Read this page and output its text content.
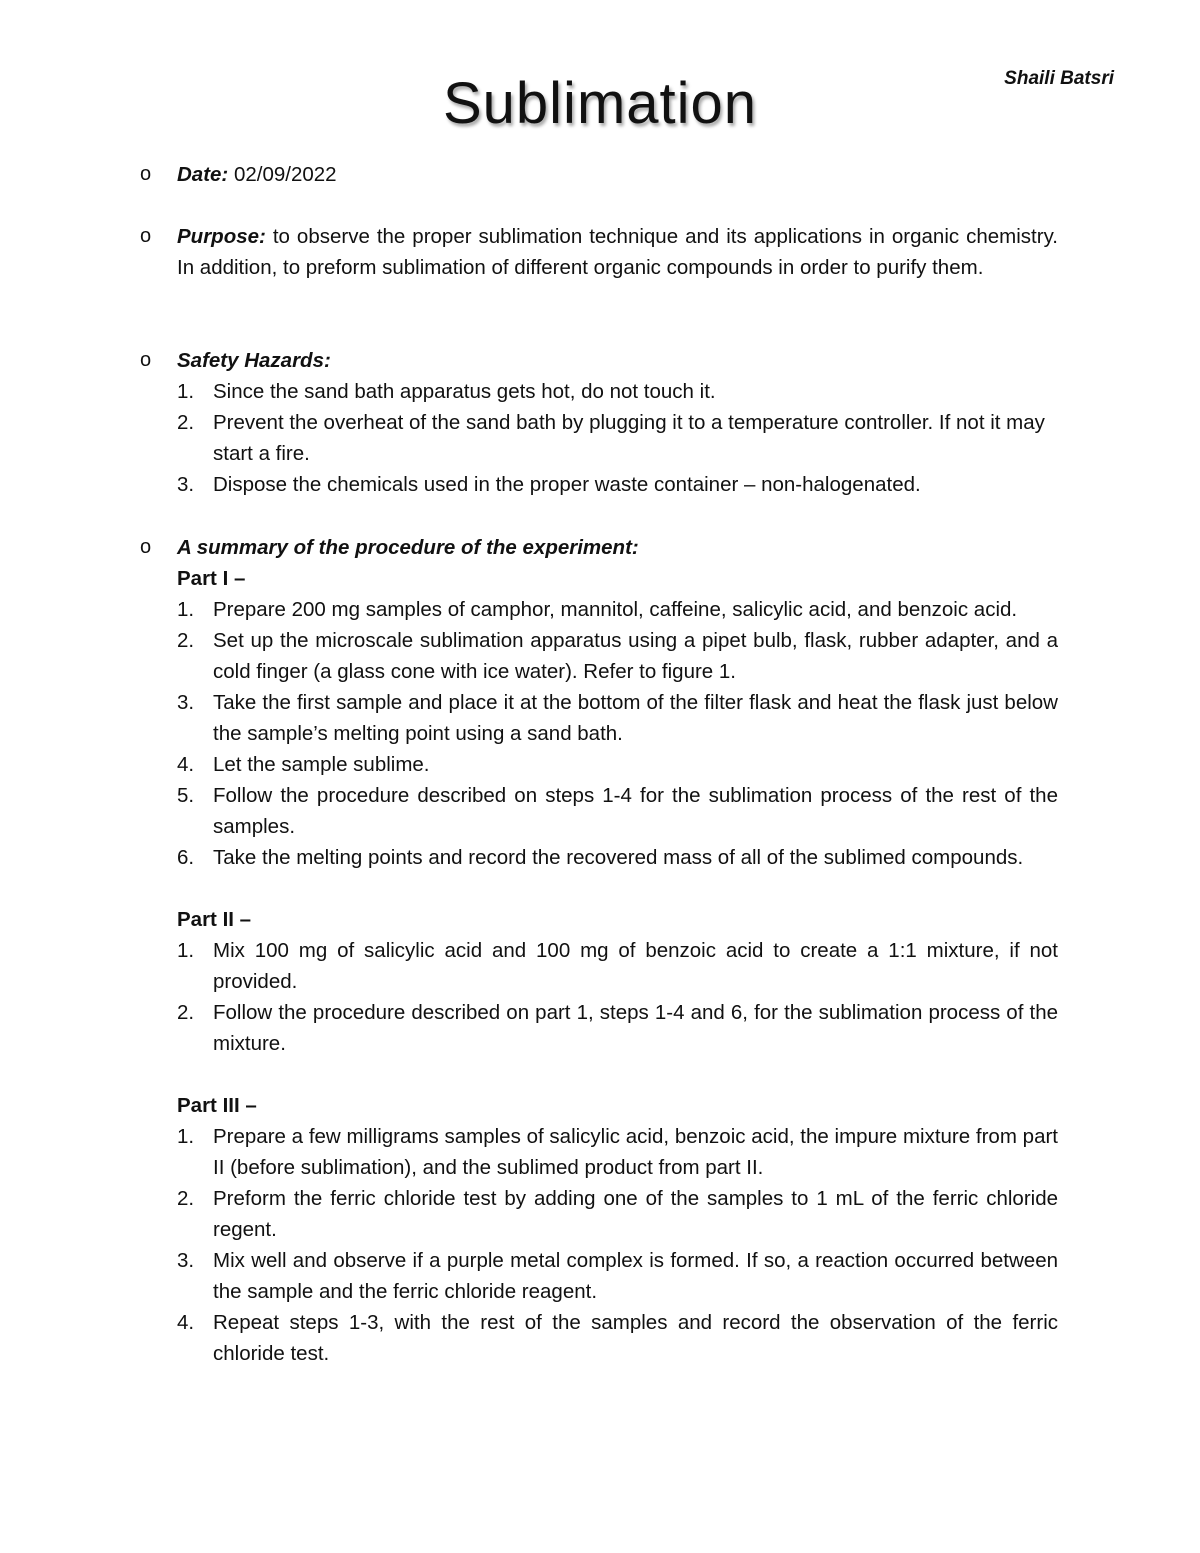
Sublimation	Shaili Batsri
o	Date: 02/09/2022
o	Purpose: to observe the proper sublimation technique and its applications in organic chemistry. In addition, to preform sublimation of different organic compounds in order to purify them.
o	Safety Hazards:
1. Since the sand bath apparatus gets hot, do not touch it.
2. Prevent the overheat of the sand bath by plugging it to a temperature controller. If not it may start a fire.
3. Dispose the chemicals used in the proper waste container – non-halogenated.
o	A summary of the procedure of the experiment:
Part I –
1. Prepare 200 mg samples of camphor, mannitol, caffeine, salicylic acid, and benzoic acid.
2. Set up the microscale sublimation apparatus using a pipet bulb, flask, rubber adapter, and a cold finger (a glass cone with ice water). Refer to figure 1.
3. Take the first sample and place it at the bottom of the filter flask and heat the flask just below the sample’s melting point using a sand bath.
4. Let the sample sublime.
5. Follow the procedure described on steps 1-4 for the sublimation process of the rest of the samples.
6. Take the melting points and record the recovered mass of all of the sublimed compounds.
Part II –
1. Mix 100 mg of salicylic acid and 100 mg of benzoic acid to create a 1:1 mixture, if not provided.
2. Follow the procedure described on part 1, steps 1-4 and 6, for the sublimation process of the mixture.
Part III –
1. Prepare a few milligrams samples of salicylic acid, benzoic acid, the impure mixture from part II (before sublimation), and the sublimed product from part II.
2. Preform the ferric chloride test by adding one of the samples to 1 mL of the ferric chloride regent.
3. Mix well and observe if a purple metal complex is formed. If so, a reaction occurred between the sample and the ferric chloride reagent.
4. Repeat steps 1-3, with the rest of the samples and record the observation of the ferric chloride test.
